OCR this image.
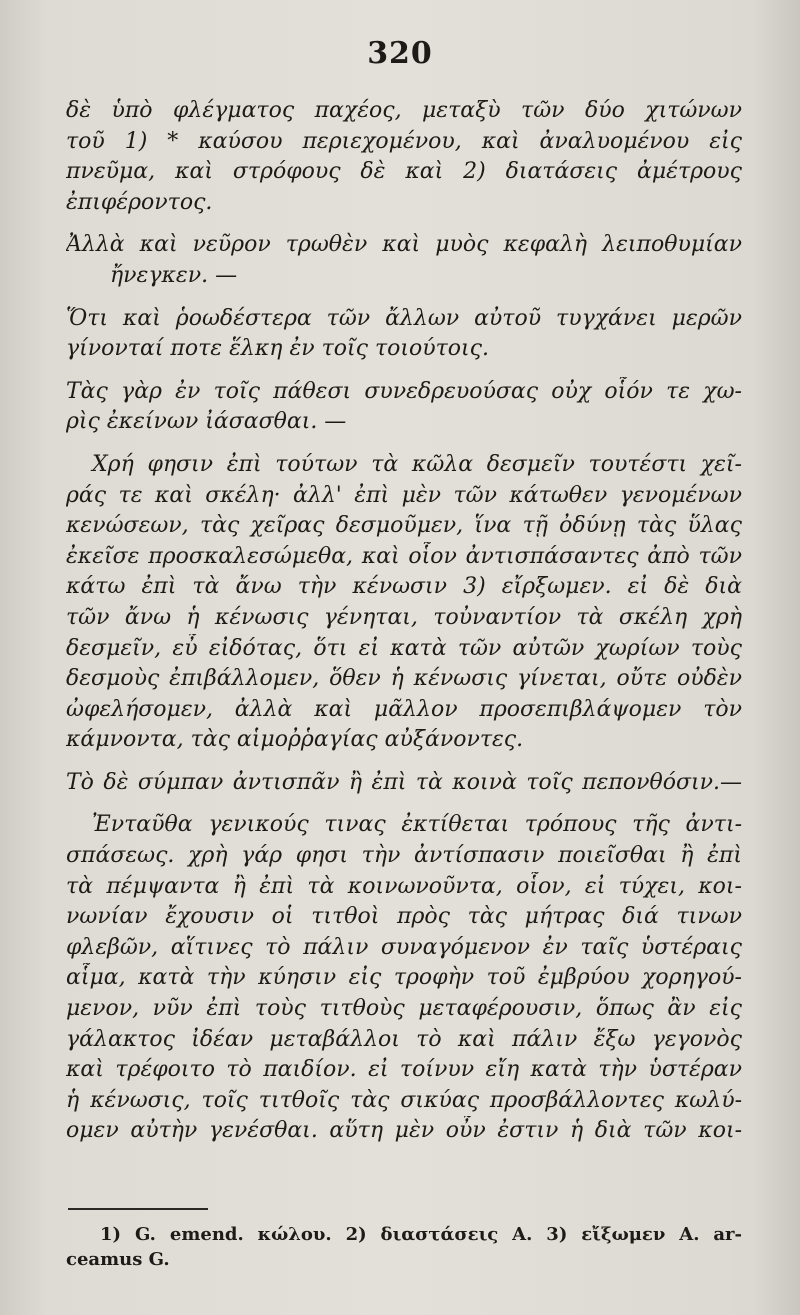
320
δὲ ὑπὸ φλέγματος παχέος, μεταξὺ τῶν δύο χιτώνων
τοῦ 1) * καύσου περιεχομένου, καὶ ἀναλυομένου εἰς
πνεῦμα, καὶ στρόφους δὲ καὶ 2) διατάσεις ἀμέτρους
ἐπιφέροντος.
Ἀλλὰ καὶ νεῦρον τρωθὲν καὶ μυὸς κεφαλὴ λειποθυμίαν
ἤνεγκεν. —
Ὅτι καὶ ῥοωδέστερα τῶν ἄλλων αὐτοῦ τυγχάνει μερῶν
γίνονταί ποτε ἕλκη ἐν τοῖς τοιούτοις.
Τὰς γὰρ ἐν τοῖς πάθεσι συνεδρευούσας οὐχ οἷόν τε χω-
ρὶς ἐκείνων ἰάσασθαι. —
Χρή φησιν ἐπὶ τούτων τὰ κῶλα δεσμεῖν τουτέστι χεῖ-
ράς τε καὶ σκέλη· ἀλλ' ἐπὶ μὲν τῶν κάτωθεν γενομένων
κενώσεων, τὰς χεῖρας δεσμοῦμεν, ἵνα τῇ ὀδύνῃ τὰς ὕλας
ἐκεῖσε προσκαλεσώμεθα, καὶ οἷον ἀντισπάσαντες ἀπὸ τῶν
κάτω ἐπὶ τὰ ἄνω τὴν κένωσιν 3) εἴρξωμεν. εἰ δὲ διὰ
τῶν ἄνω ἡ κένωσις γένηται, τοὐναντίον τὰ σκέλη χρὴ
δεσμεῖν, εὖ εἰδότας, ὅτι εἰ κατὰ τῶν αὐτῶν χωρίων τοὺς
δεσμοὺς ἐπιβάλλομεν, ὅθεν ἡ κένωσις γίνεται, οὔτε οὐδὲν
ὠφελήσομεν, ἀλλὰ καὶ μᾶλλον προσεπιβλάψομεν τὸν
κάμνοντα, τὰς αἱμοῤῥαγίας αὐξάνοντες.
Τὸ δὲ σύμπαν ἀντισπᾶν ἢ ἐπὶ τὰ κοινὰ τοῖς πεπονθόσιν.—
Ἐνταῦθα γενικούς τινας ἐκτίθεται τρόπους τῆς ἀντι-
σπάσεως. χρὴ γάρ φησι τὴν ἀντίσπασιν ποιεῖσθαι ἢ ἐπὶ
τὰ πέμψαντα ἢ ἐπὶ τὰ κοινωνοῦντα, οἷον, εἰ τύχει, κοι-
νωνίαν ἔχουσιν οἱ τιτθοὶ πρὸς τὰς μήτρας διά τινων
φλεβῶν, αἵτινες τὸ πάλιν συναγόμενον ἐν ταῖς ὑστέραις
αἷμα, κατὰ τὴν κύησιν εἰς τροφὴν τοῦ ἐμβρύου χορηγού-
μενον, νῦν ἐπὶ τοὺς τιτθοὺς μεταφέρουσιν, ὅπως ἂν εἰς
γάλακτος ἰδέαν μεταβάλλοι τὸ καὶ πάλιν ἔξω γεγονὸς
καὶ τρέφοιτο τὸ παιδίον. εἰ τοίνυν εἴη κατὰ τὴν ὑστέραν
ἡ κένωσις, τοῖς τιτθοῖς τὰς σικύας προσβάλλοντες κωλύ-
ομεν αὐτὴν γενέσθαι. αὕτη μὲν οὖν ἐστιν ἡ διὰ τῶν κοι-
1) G. emend. κώλου. 2) διαστάσεις A. 3) εἴξωμεν A. ar-
ceamus G.
